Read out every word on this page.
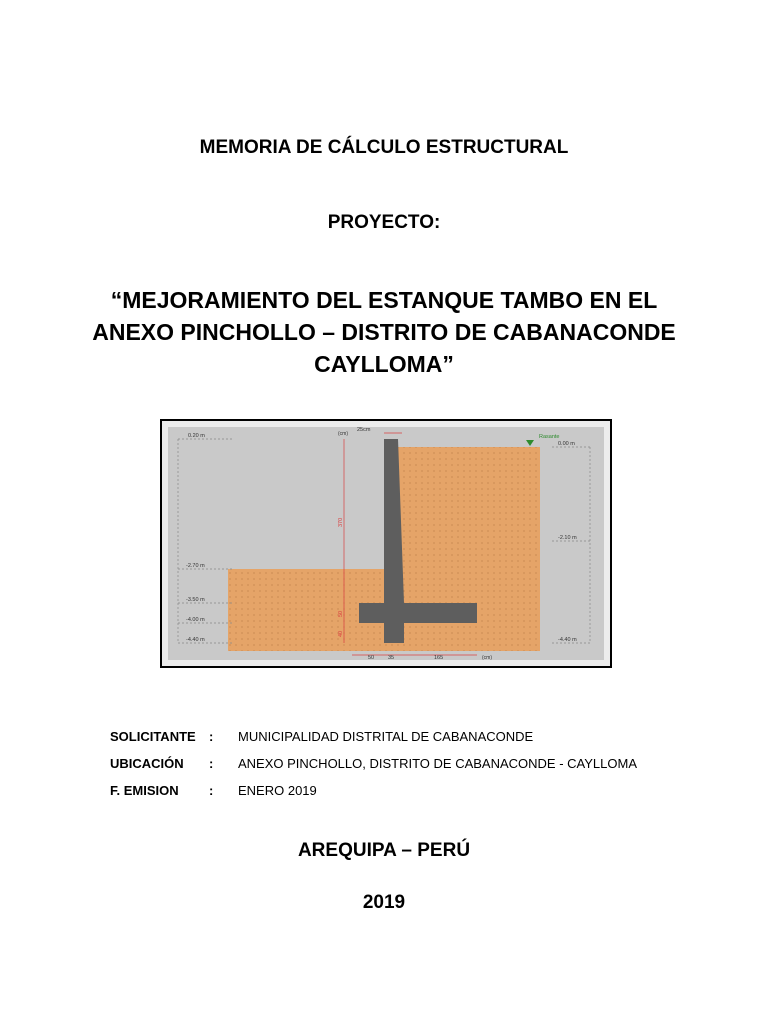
MEMORIA DE CÁLCULO ESTRUCTURAL
PROYECTO:
“MEJORAMIENTO DEL ESTANQUE TAMBO EN EL
ANEXO PINCHOLLO – DISTRITO DE CABANACONDE
CAYLLOMA”
0.20 m
-2.70 m
-3.50 m
-4.00 m
-4.40 m
0.00 m
-2.10 m
-4.40 m
Rasante
25cm
(cm)
370
50
40
50	35	165	(cm)
SOLICITANTE : MUNICIPALIDAD DISTRITAL DE CABANACONDE
UBICACIÓN : ANEXO PINCHOLLO, DISTRITO DE CABANACONDE - CAYLLOMA
F. EMISION : ENERO 2019
AREQUIPA – PERÚ
2019
